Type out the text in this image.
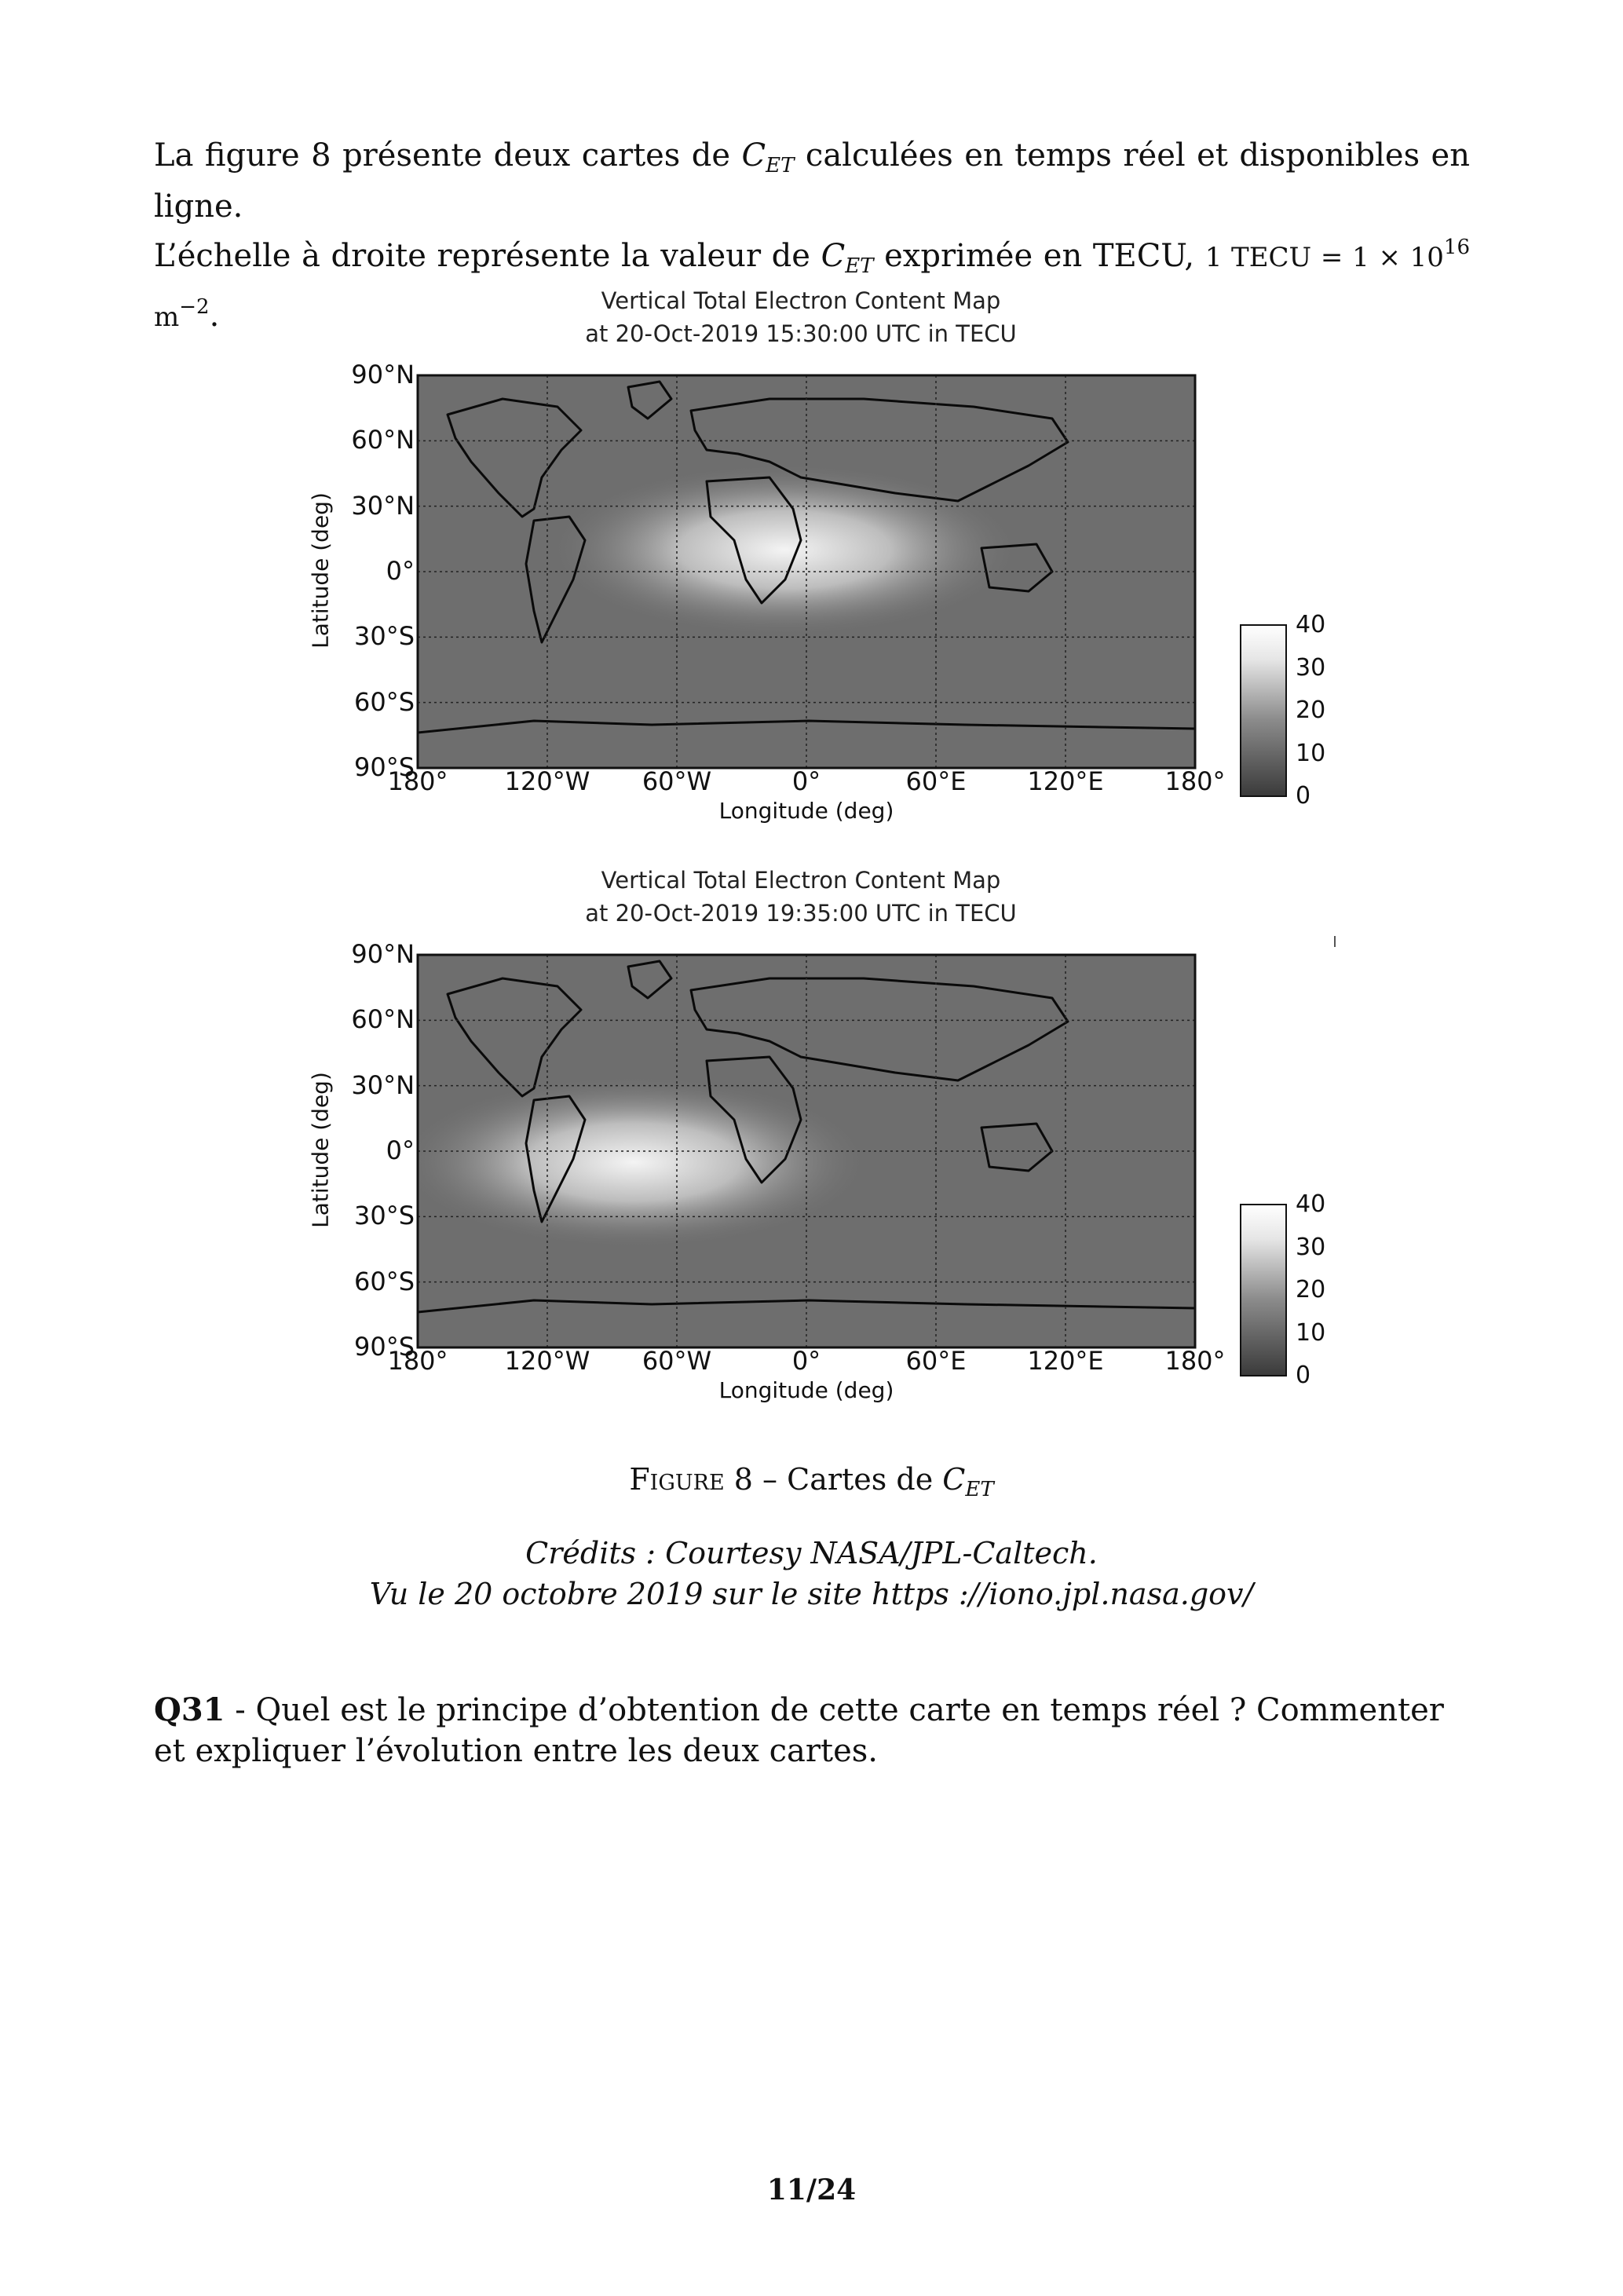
La figure 8 présente deux cartes de $C_{ET}$ calculées en temps réel et disponibles en ligne.

L’échelle à droite représente la valeur de $C_{ET}$ exprimée en TECU, 1 TECU = $1 \times 10^{16}$ $m^{-2}$.	Vertical Total Electron Content Map
at 20-Oct-2019 15:30:00 UTC in TECU
90°N
60°N
30°N
0°
30°S
60°S
90°S
180°	120°W	60°W	0°	60°E	120°E	180°
40
30
20
10
0
Longitude (deg)
Latitude (deg)
Vertical Total Electron Content Map
at 20-Oct-2019 19:35:00 UTC in TECU
90°N
60°N
30°N
0°
30°S
60°S
90°S
180°	120°W	60°W	0°	60°E	120°E	180°
40
30
20
10
0
Longitude (deg)
Latitude (deg)
Figure 8 – Cartes de $C_{ET}$
Crédits : Courtesy NASA/JPL-Caltech.
Vu le 20 octobre 2019 sur le site https ://iono.jpl.nasa.gov/
Q31 - Quel est le principe d’obtention de cette carte en temps réel ? Commenter et expliquer l’évolution entre les deux cartes.
11/24
